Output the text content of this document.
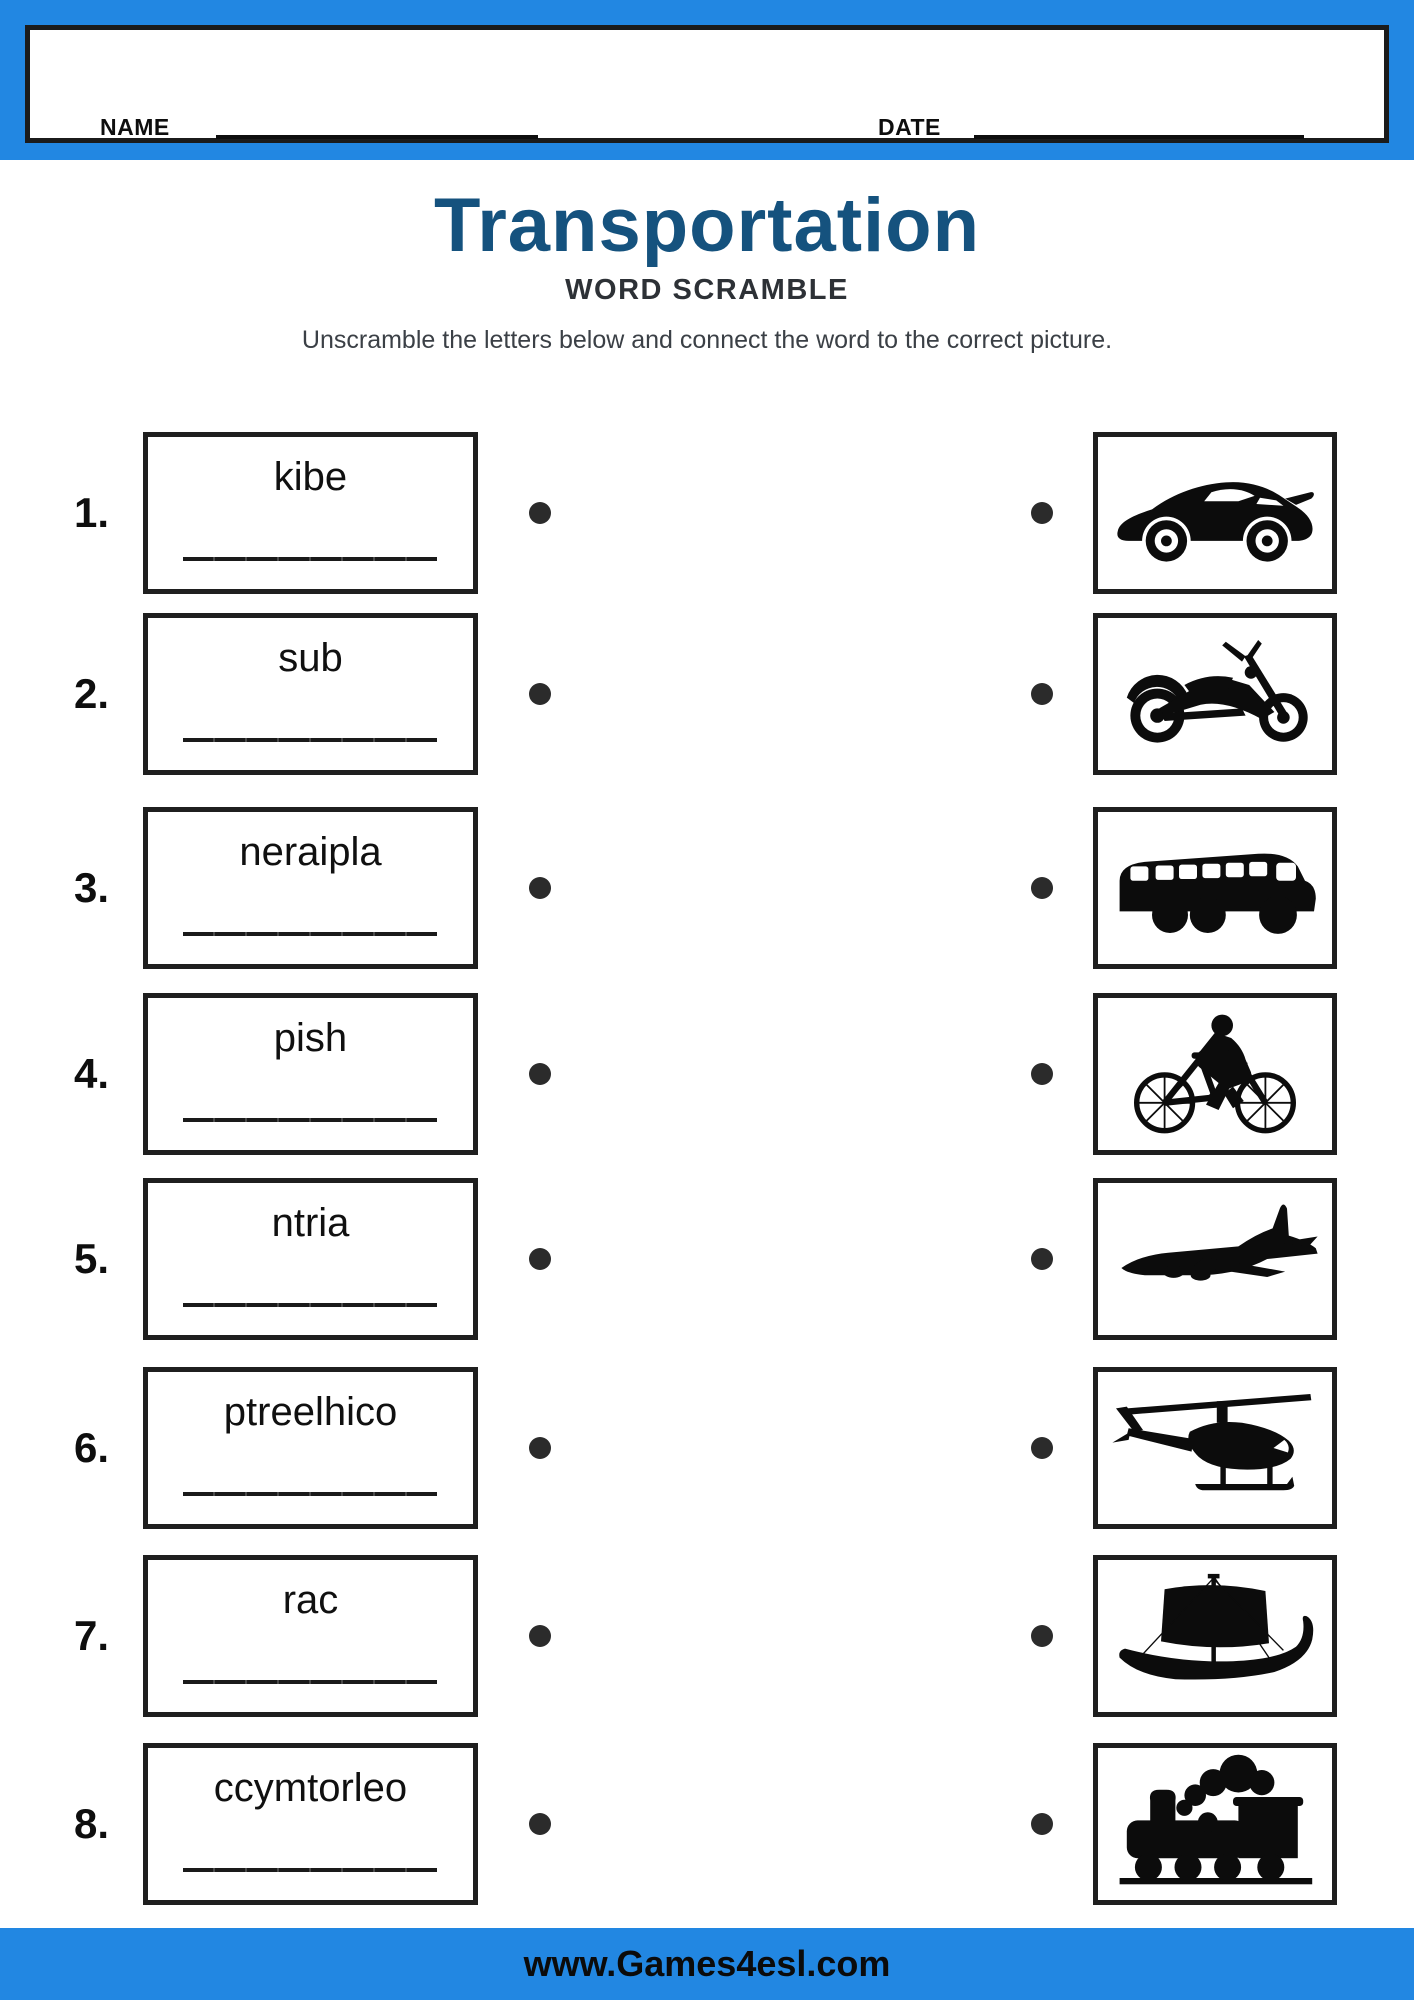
NAME	DATE
Transportation
WORD SCRAMBLE
Unscramble the letters below and connect the word to the correct picture.
1.
kibe
2.
sub
3.
neraipla
4.
pish
5.
ntria
6.
ptreelhico
7.
rac
8.
ccymtorleo
www.Games4esl.com
